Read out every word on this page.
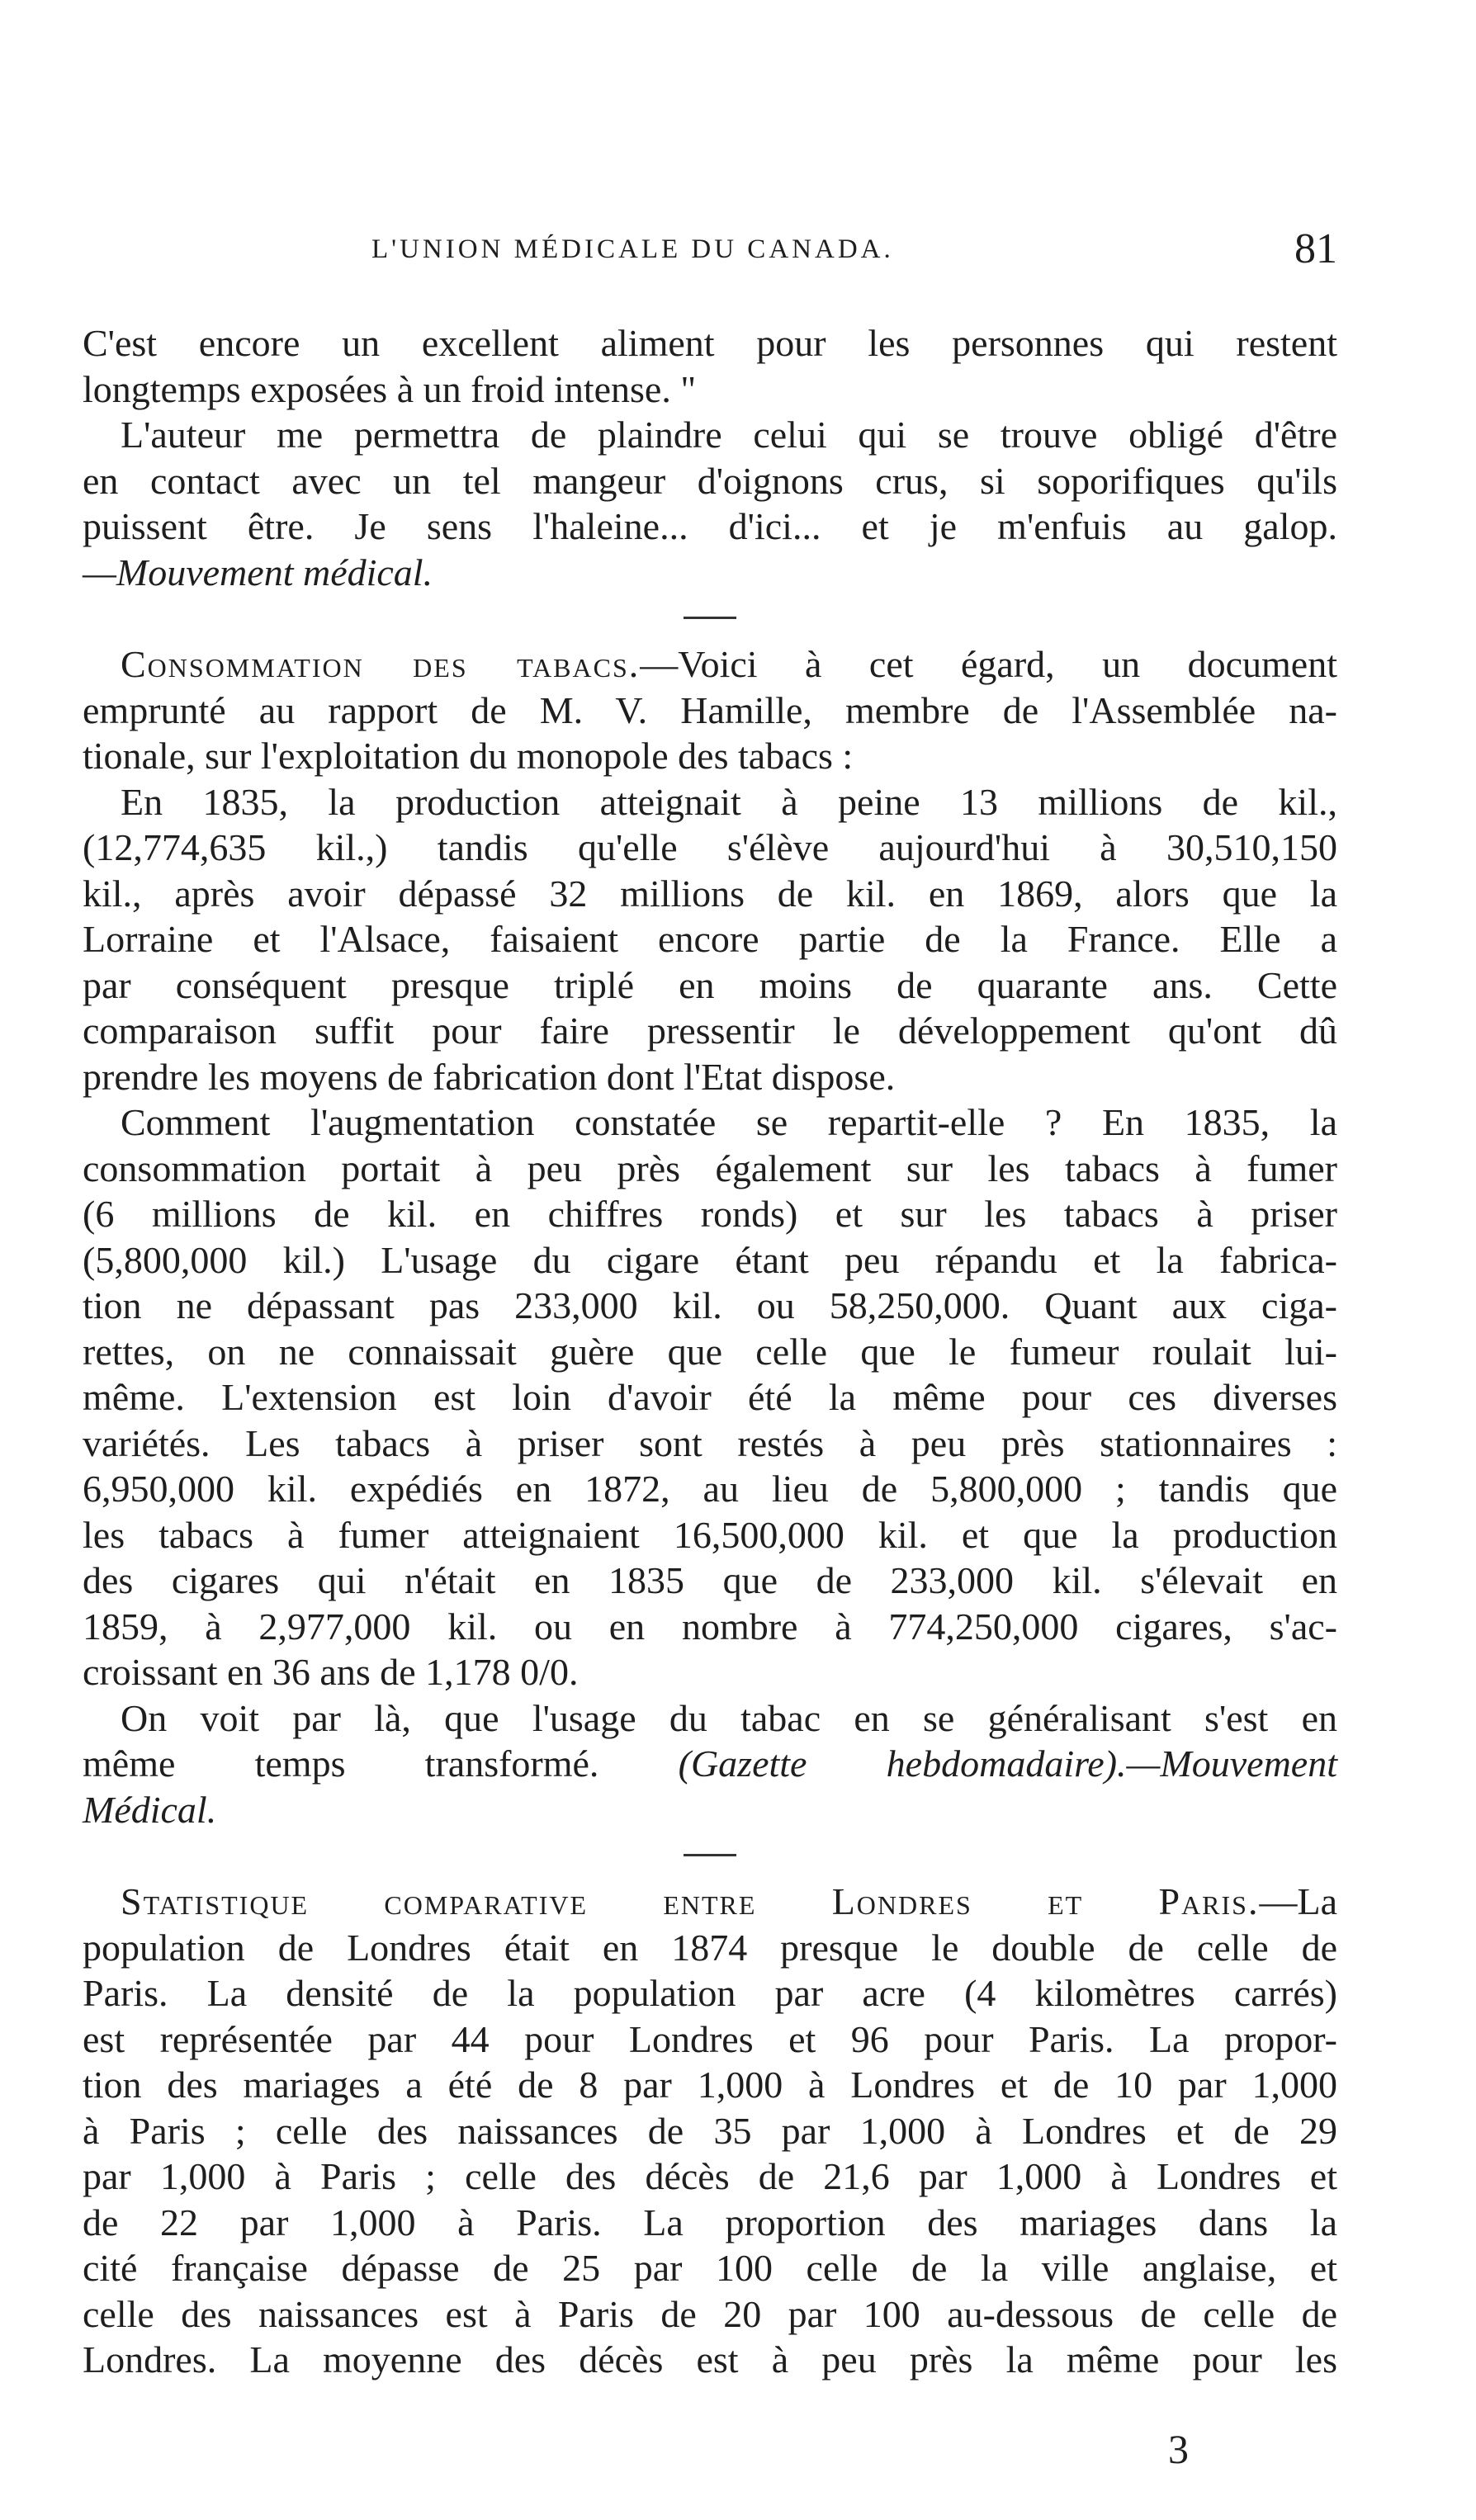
L'UNION MÉDICALE DU CANADA.	81
C'est encore un excellent aliment pour les personnes qui restent
longtemps exposées à un froid intense. "
L'auteur me permettra de plaindre celui qui se trouve obligé d'être
en contact avec un tel mangeur d'oignons crus, si soporifiques qu'ils
puissent être. Je sens l'haleine... d'ici... et je m'enfuis au galop.
—Mouvement médical.
Consommation des tabacs.—Voici à cet égard, un document
emprunté au rapport de M. V. Hamille, membre de l'Assemblée na-
tionale, sur l'exploitation du monopole des tabacs :
En 1835, la production atteignait à peine 13 millions de kil.,
(12,774,635 kil.,) tandis qu'elle s'élève aujourd'hui à 30,510,150
kil., après avoir dépassé 32 millions de kil. en 1869, alors que la
Lorraine et l'Alsace, faisaient encore partie de la France. Elle a
par conséquent presque triplé en moins de quarante ans. Cette
comparaison suffit pour faire pressentir le développement qu'ont dû
prendre les moyens de fabrication dont l'Etat dispose.
Comment l'augmentation constatée se repartit-elle ? En 1835, la
consommation portait à peu près également sur les tabacs à fumer
(6 millions de kil. en chiffres ronds) et sur les tabacs à priser
(5,800,000 kil.) L'usage du cigare étant peu répandu et la fabrica-
tion ne dépassant pas 233,000 kil. ou 58,250,000. Quant aux ciga-
rettes, on ne connaissait guère que celle que le fumeur roulait lui-
même. L'extension est loin d'avoir été la même pour ces diverses
variétés. Les tabacs à priser sont restés à peu près stationnaires :
6,950,000 kil. expédiés en 1872, au lieu de 5,800,000 ; tandis que
les tabacs à fumer atteignaient 16,500,000 kil. et que la production
des cigares qui n'était en 1835 que de 233,000 kil. s'élevait en
1859, à 2,977,000 kil. ou en nombre à 774,250,000 cigares, s'ac-
croissant en 36 ans de 1,178 0/0.
On voit par là, que l'usage du tabac en se généralisant s'est en
même temps transformé. (Gazette hebdomadaire).—Mouvement
Médical.
Statistique comparative entre Londres et Paris.—La
population de Londres était en 1874 presque le double de celle de
Paris. La densité de la population par acre (4 kilomètres carrés)
est représentée par 44 pour Londres et 96 pour Paris. La propor-
tion des mariages a été de 8 par 1,000 à Londres et de 10 par 1,000
à Paris ; celle des naissances de 35 par 1,000 à Londres et de 29
par 1,000 à Paris ; celle des décès de 21,6 par 1,000 à Londres et
de 22 par 1,000 à Paris. La proportion des mariages dans la
cité française dépasse de 25 par 100 celle de la ville anglaise, et
celle des naissances est à Paris de 20 par 100 au-dessous de celle de
Londres. La moyenne des décès est à peu près la même pour les
3
